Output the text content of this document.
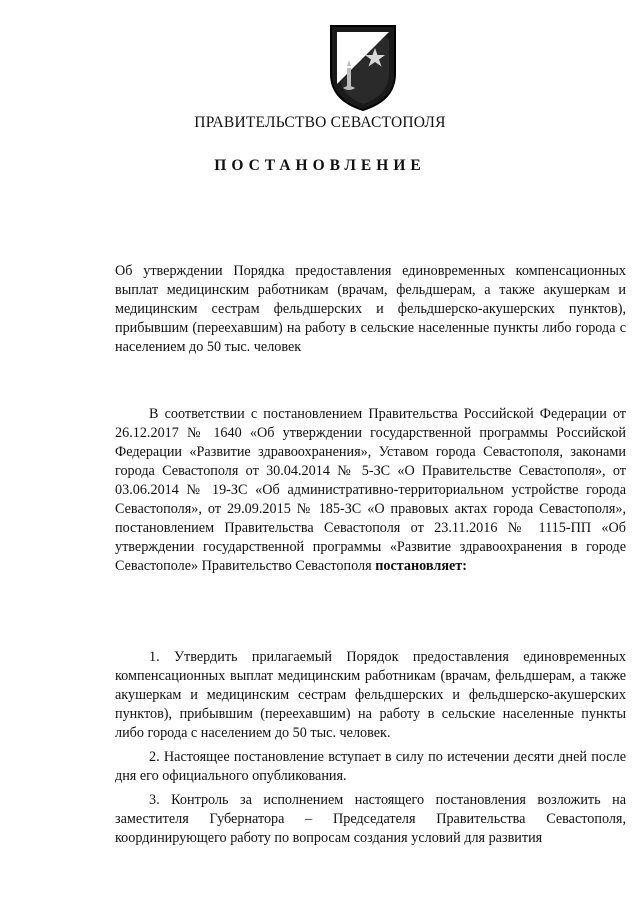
ПРАВИТЕЛЬСТВО СЕВАСТОПОЛЯ
ПОСТАНОВЛЕНИЕ
Об утверждении Порядка предоставления единовременных компенсационных выплат медицинским работникам (врачам, фельдшерам, а также акушеркам и медицинским сестрам фельдшерских и фельдшерско-акушерских пунктов), прибывшим (переехавшим) на работу в сельские населенные пункты либо города с населением до 50 тыс. человек
В соответствии с постановлением Правительства Российской Федерации от 26.12.2017 № 1640 «Об утверждении государственной программы Российской Федерации «Развитие здравоохранения», Уставом города Севастополя, законами города Севастополя от 30.04.2014 № 5-ЗС «О Правительстве Севастополя», от 03.06.2014 № 19-ЗС «Об административно-территориальном устройстве города Севастополя», от 29.09.2015 № 185-ЗС «О правовых актах города Севастополя», постановлением Правительства Севастополя от 23.11.2016 № 1115-ПП «Об утверждении государственной программы «Развитие здравоохранения в городе Севастополе» Правительство Севастополя постановляет:

1. Утвердить прилагаемый Порядок предоставления единовременных компенсационных выплат медицинским работникам (врачам, фельдшерам, а также акушеркам и медицинским сестрам фельдшерских и фельдшерско-акушерских пунктов), прибывшим (переехавшим) на работу в сельские населенные пункты либо города с населением до 50 тыс. человек.

2. Настоящее постановление вступает в силу по истечении десяти дней после дня его официального опубликования.

3. Контроль за исполнением настоящего постановления возложить на заместителя Губернатора – Председателя Правительства Севастополя, координирующего работу по вопросам создания условий для развития
